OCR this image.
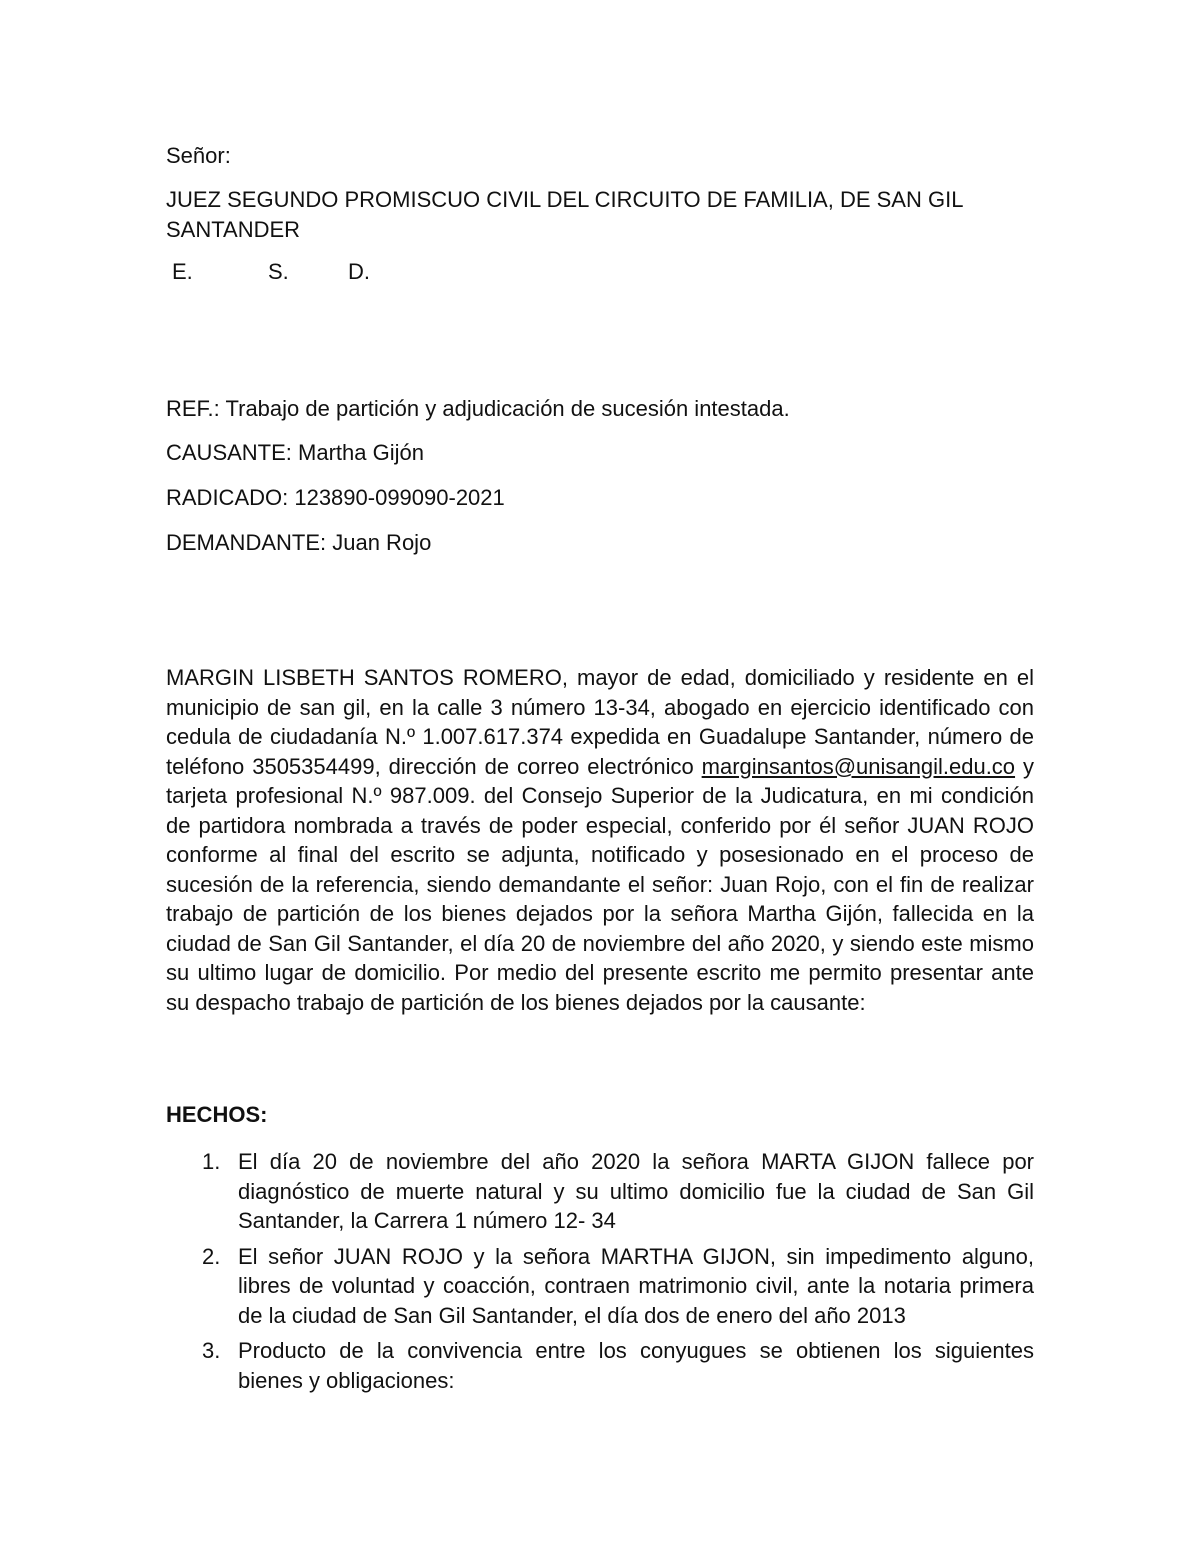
Señor:
JUEZ SEGUNDO PROMISCUO CIVIL DEL CIRCUITO DE FAMILIA, DE SAN GIL SANTANDER
E.	S.	D.
REF.: Trabajo de partición y adjudicación de sucesión intestada.
CAUSANTE: Martha Gijón
RADICADO: 123890-099090-2021
DEMANDANTE: Juan Rojo

MARGIN LISBETH SANTOS ROMERO, mayor de edad, domiciliado y residente en el municipio de san gil, en la calle 3 número 13-34, abogado en ejercicio identificado con cedula de ciudadanía N.º 1.007.617.374 expedida en Guadalupe Santander, número de teléfono 3505354499, dirección de correo electrónico marginsantos@unisangil.edu.co y tarjeta profesional N.º 987.009. del Consejo Superior de la Judicatura, en mi condición de partidora nombrada a través de poder especial, conferido por él señor JUAN ROJO conforme al final del escrito se adjunta, notificado y posesionado en el proceso de sucesión de la referencia, siendo demandante el señor: Juan Rojo, con el fin de realizar trabajo de partición de los bienes dejados por la señora Martha Gijón, fallecida en la ciudad de San Gil Santander, el día 20 de noviembre del año 2020, y siendo este mismo su ultimo lugar de domicilio. Por medio del presente escrito me permito presentar ante su despacho trabajo de partición de los bienes dejados por la causante:

HECHOS:
1. El día 20 de noviembre del año 2020 la señora MARTA GIJON fallece por diagnóstico de muerte natural y su ultimo domicilio fue la ciudad de San Gil Santander, la Carrera 1 número 12- 34
2. El señor JUAN ROJO y la señora MARTHA GIJON, sin impedimento alguno, libres de voluntad y coacción, contraen matrimonio civil, ante la notaria primera de la ciudad de San Gil Santander, el día dos de enero del año 2013
3. Producto de la convivencia entre los conyugues se obtienen los siguientes bienes y obligaciones:
